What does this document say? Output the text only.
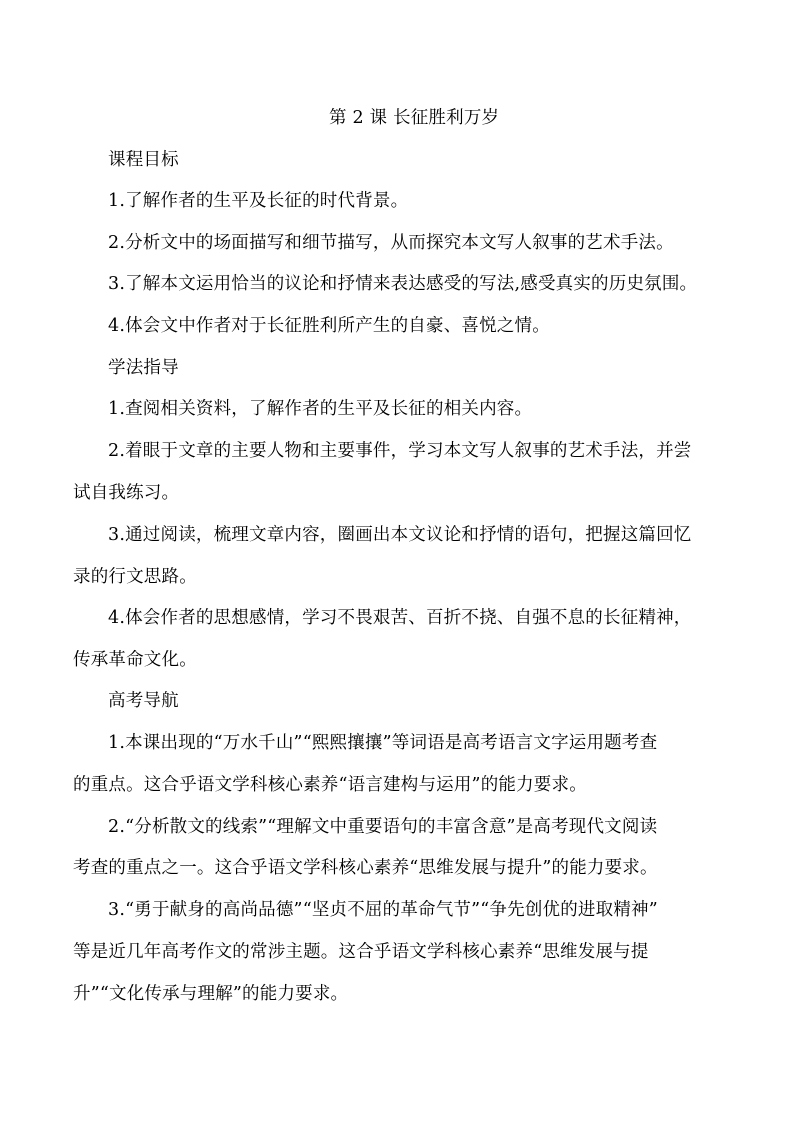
第 2 课 长征胜利万岁

课程目标

1.了解作者的生平及长征的时代背景。

2.分析文中的场面描写和细节描写，从而探究本文写人叙事的艺术手法。

3.了解本文运用恰当的议论和抒情来表达感受的写法,感受真实的历史氛围。

4.体会文中作者对于长征胜利所产生的自豪、喜悦之情。

学法指导

1.查阅相关资料，了解作者的生平及长征的相关内容。

2.着眼于文章的主要人物和主要事件，学习本文写人叙事的艺术手法，并尝

试自我练习。

3.通过阅读，梳理文章内容，圈画出本文议论和抒情的语句，把握这篇回忆

录的行文思路。

4.体会作者的思想感情，学习不畏艰苦、百折不挠、自强不息的长征精神，

传承革命文化。

高考导航

1.本课出现的“万水千山”“熙熙攘攘”等词语是高考语言文字运用题考查

的重点。这合乎语文学科核心素养“语言建构与运用”的能力要求。

2.“分析散文的线索”“理解文中重要语句的丰富含意”是高考现代文阅读

考查的重点之一。这合乎语文学科核心素养“思维发展与提升”的能力要求。

3.“勇于献身的高尚品德”“坚贞不屈的革命气节”“争先创优的进取精神”

等是近几年高考作文的常涉主题。这合乎语文学科核心素养“思维发展与提

升”“文化传承与理解”的能力要求。
